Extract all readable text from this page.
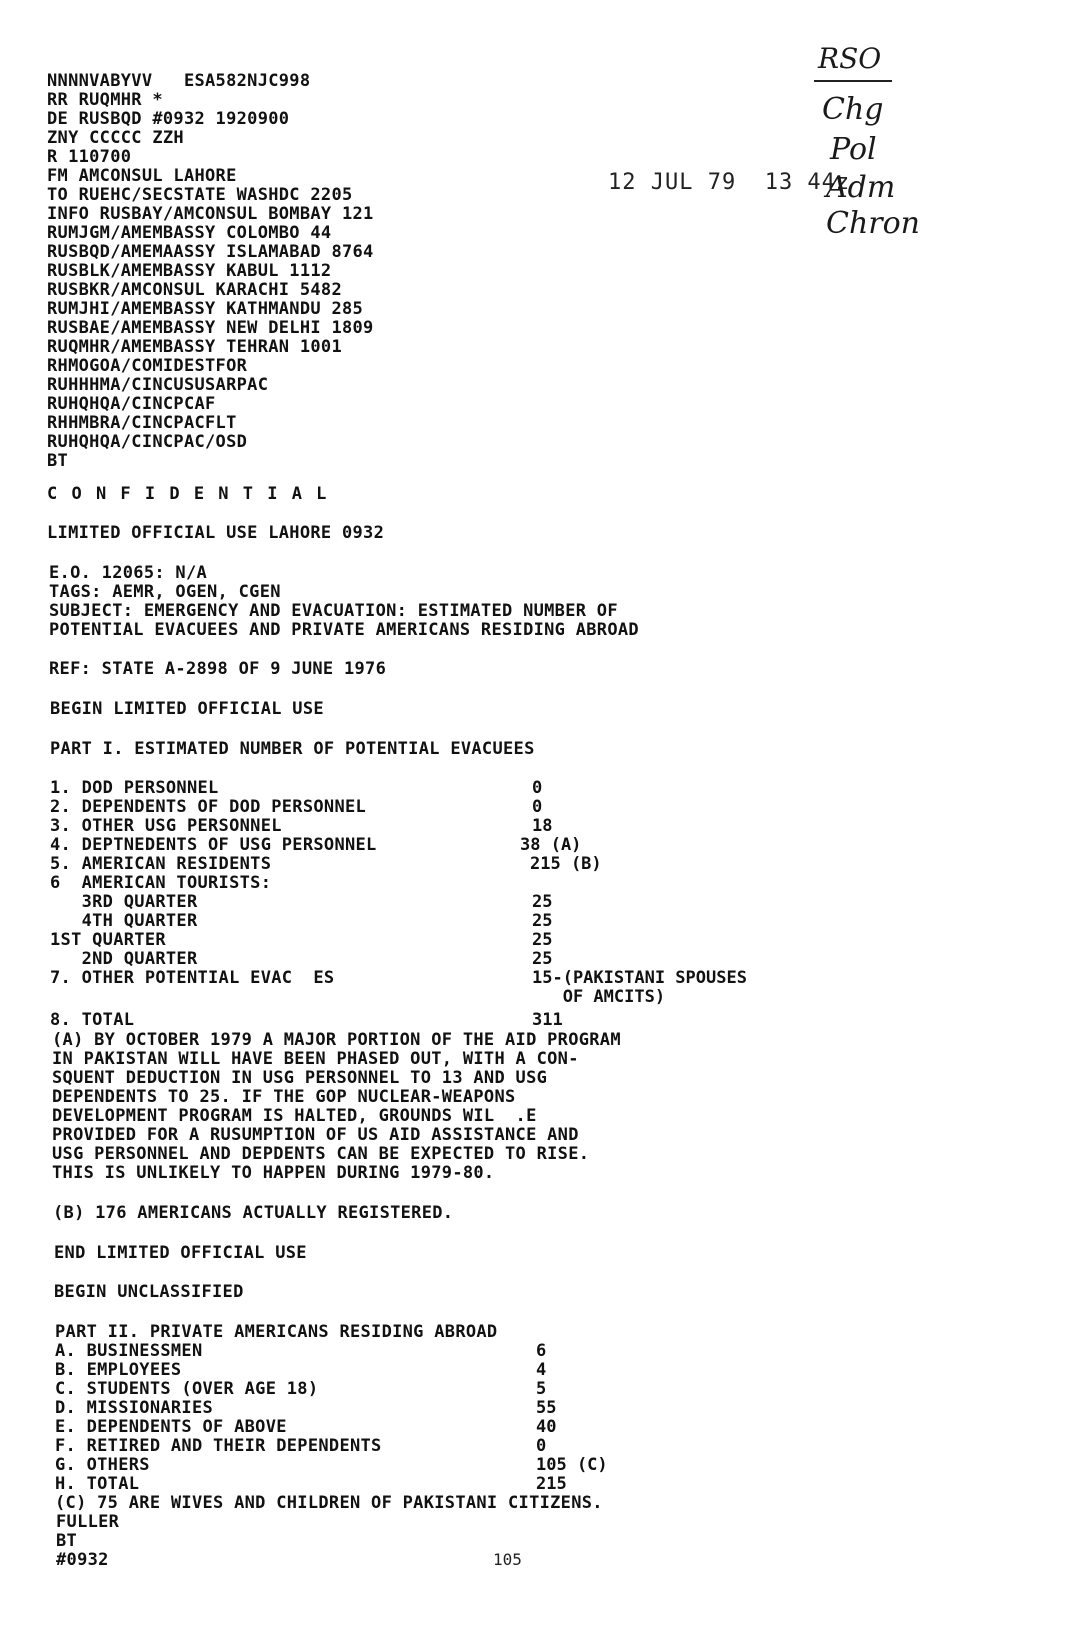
NNNNVABYVV   ESA582NJC998
RR RUQMHR *
DE RUSBQD #0932 1920900
ZNY CCCCC ZZH
R 110700
FM AMCONSUL LAHORE
TO RUEHC/SECSTATE WASHDC 2205
INFO RUSBAY/AMCONSUL BOMBAY 121
RUMJGM/AMEMBASSY COLOMBO 44
RUSBQD/AMEMAASSY ISLAMABAD 8764
RUSBLK/AMEMBASSY KABUL 1112
RUSBKR/AMCONSUL KARACHI 5482
RUMJHI/AMEMBASSY KATHMANDU 285
RUSBAE/AMEMBASSY NEW DELHI 1809
RUQMHR/AMEMBASSY TEHRAN 1001
RHMOGOA/COMIDESTFOR
RUHHHMA/CINCUSUSARPAC
RUHQHQA/CINCPCAF
RHHMBRA/CINCPACFLT
RUHQHQA/CINCPAC/OSD
BT
12 JUL 79  13 44z
RSO
Chg
Pol
Adm
Chron
C O N F I D E N T I A L
LIMITED OFFICIAL USE LAHORE 0932
E.O. 12065: N/A
TAGS: AEMR, OGEN, CGEN
SUBJECT: EMERGENCY AND EVACUATION: ESTIMATED NUMBER OF
POTENTIAL EVACUEES AND PRIVATE AMERICANS RESIDING ABROAD
REF: STATE A-2898 OF 9 JUNE 1976
BEGIN LIMITED OFFICIAL USE
PART I. ESTIMATED NUMBER OF POTENTIAL EVACUEES
1. DOD PERSONNEL	0
2. DEPENDENTS OF DOD PERSONNEL	0
3. OTHER USG PERSONNEL	18
4. DEPTNEDENTS OF USG PERSONNEL	38 (A)
5. AMERICAN RESIDENTS	215 (B)
6  AMERICAN TOURISTS:
3RD QUARTER	25
4TH QUARTER	25
1ST QUARTER	25
2ND QUARTER	25
7. OTHER POTENTIAL EVAC  ES	15-(PAKISTANI SPOUSES
OF AMCITS)
8. TOTAL	311
(A) BY OCTOBER 1979 A MAJOR PORTION OF THE AID PROGRAM
IN PAKISTAN WILL HAVE BEEN PHASED OUT, WITH A CON-
SQUENT DEDUCTION IN USG PERSONNEL TO 13 AND USG
DEPENDENTS TO 25. IF THE GOP NUCLEAR-WEAPONS
DEVELOPMENT PROGRAM IS HALTED, GROUNDS WIL  .E
PROVIDED FOR A RUSUMPTION OF US AID ASSISTANCE AND
USG PERSONNEL AND DEPDENTS CAN BE EXPECTED TO RISE.
THIS IS UNLIKELY TO HAPPEN DURING 1979-80.
(B) 176 AMERICANS ACTUALLY REGISTERED.
END LIMITED OFFICIAL USE
BEGIN UNCLASSIFIED
PART II. PRIVATE AMERICANS RESIDING ABROAD
A. BUSINESSMEN	6
B. EMPLOYEES	4
C. STUDENTS (OVER AGE 18)	5
D. MISSIONARIES	55
E. DEPENDENTS OF ABOVE	40
F. RETIRED AND THEIR DEPENDENTS	0
G. OTHERS	105 (C)
H. TOTAL	215
(C) 75 ARE WIVES AND CHILDREN OF PAKISTANI CITIZENS.
FULLER
BT
#0932	105
